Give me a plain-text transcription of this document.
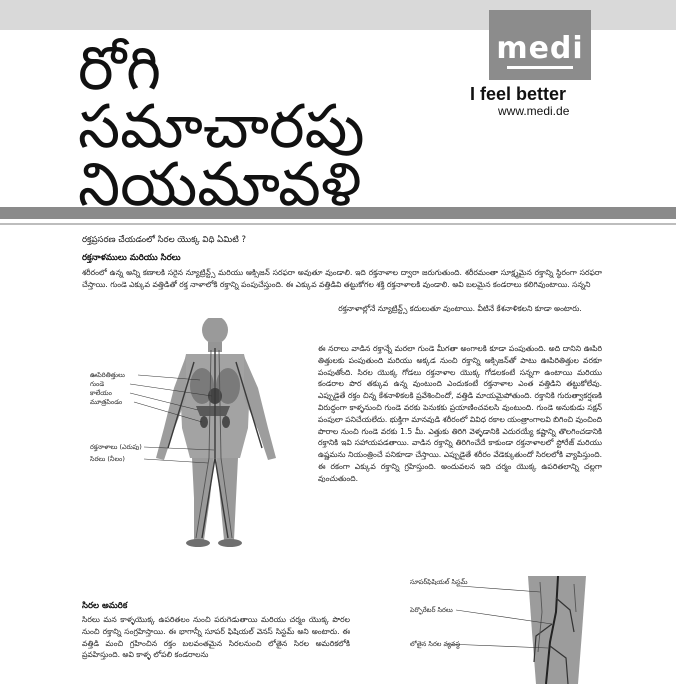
రోగి
సమాచారపు
నియమావళి
medi
I feel better
www.medi.de
రక్తప్రసరణ చేయడంలో సిరల యొక్క విధి ఏమిటి ?
రక్తనాళములు మరియు సిరలు
శరీరంలో ఉన్న అన్ని కణాలకి సరైన న్యూట్రిన్ట్స్ మరియు ఆక్సిజన్ సరఫరా అవుతూ వుండాలి. ఇది రక్తనాళాల ద్వారా జరుగుతుంది. శరీరమంతా సూక్ష్మమైన రక్తాన్ని స్థిరంగా సరఫరా చేస్తాయి. గుండె ఎక్కువ వత్తిడితో రక్త నాళాలోకి రక్తాన్ని పంపుచేస్తుంది. ఈ ఎక్కువ వత్తిడివి తట్టుకోగల శక్తి రక్తనాళాలకి వుండాలి. అవి బలమైన కండరాలు కలిగివుంటాయి. సన్నని
రక్తనాళాల్లోనే న్యూట్రిన్ట్స్ కదులుతూ వుంటాయి. వీటినే కేశనాళికలని కూడా అంటారు.
ఈ నరాలు వాడిన రక్తాన్నే మరలా గుండె మీగతా అంగాలకి కూడా పంపుతుంది. అది దానిని ఊపిరి తిత్తులకు పంపుతుంది మరియు అక్కడ నుంచి రక్తాన్ని ఆక్సిజన్‌తో పాటు ఊపిరితిత్తుల వరకూ పంపుతోంది. సిరల యొక్క గోడలు రక్తనాళాల యొక్క గోడలకంటే సన్నగా ఉంటాయి మరియు కండరాల పొర తక్కువ ఉన్న వుంటుంది ఎందుకంటే రక్తనాళాల ఎంత వత్తిడిని తట్టుకోలేవు. ఎప్పుడైతే రక్తం చిన్న కేశనాళికలకి ప్రవేశించిందో, వత్తిడి మాయమైపోతుంది. రక్తానికి గురుత్వాకర్షణకి విరుద్ధంగా కాళ్ళనుంచి గుండె వరకు పెనుకకు ప్రయాణించవలసి వుంటుంది. గుండె అనుకుడు సక్షన్ పంపులా పనిచేయలేదు. భుక్తిగా మానవుడి శరీరంలో వివిధ రకాల యంత్రాంగాలవి బిగించి వుంచింది పొరాల నుంచి గుండె వరకు 1.5 మీ. ఎత్తుకు తిరిగి వెళ్ళడానికి ఎదురయ్యే కష్టాన్ని తొలగించడానికి రక్తానికి ఇవి సహాయపడతాయి. వాడిన రక్తాన్ని తిరిగించేదే కాకుండా రక్తనాళాలలో స్టోరేజ్ మరియు ఉష్ణమను నియంత్రించే పనికూడా చేస్తాయి. ఎప్పుడైతే శరీరం వేడెక్కుతుందో సిరలలోకి వ్యాపిస్తుంది. ఈ రకంగా ఎక్కువ రక్తాన్ని గ్రహిస్తుంది. అందువలన ఇది చర్మం యొక్క ఉపరితలాన్ని చల్లగా వుంచుతుంది.
ఊపిరితిత్తులు
గుండె
కాలేయం
మూత్రపిండం
రక్తనాళాలు (ఎరుపు)
సిరలు (నీలం)
సిరల అమరిక
సిరలు మన కాళ్ళయొక్క ఉపరితలం నుంచి పరుగెడుతాయి మరియు చర్మం యొక్క పొరల నుంచి రక్తాన్ని సంగ్రహిస్తాయి. ఈ భాగాన్నీ సూపర్ ఫిషియల్ వెనస్ సిస్టమ్ అని అంటారు. ఈ వత్తిడి మంచి గ్రహించిన రక్తం బలవంతమైన సిరలనుంచి లోతైన సిరల అమరికలోకి ప్రవహిస్తుంది. అవి కాళ్ళ లోపలి కండరాలను
సూపర్‌ఫిషియల్ సిస్టమ్
పెర్ఫొరేటర్ సిరలు
లోతైన సిరల వ్యవస్థ
